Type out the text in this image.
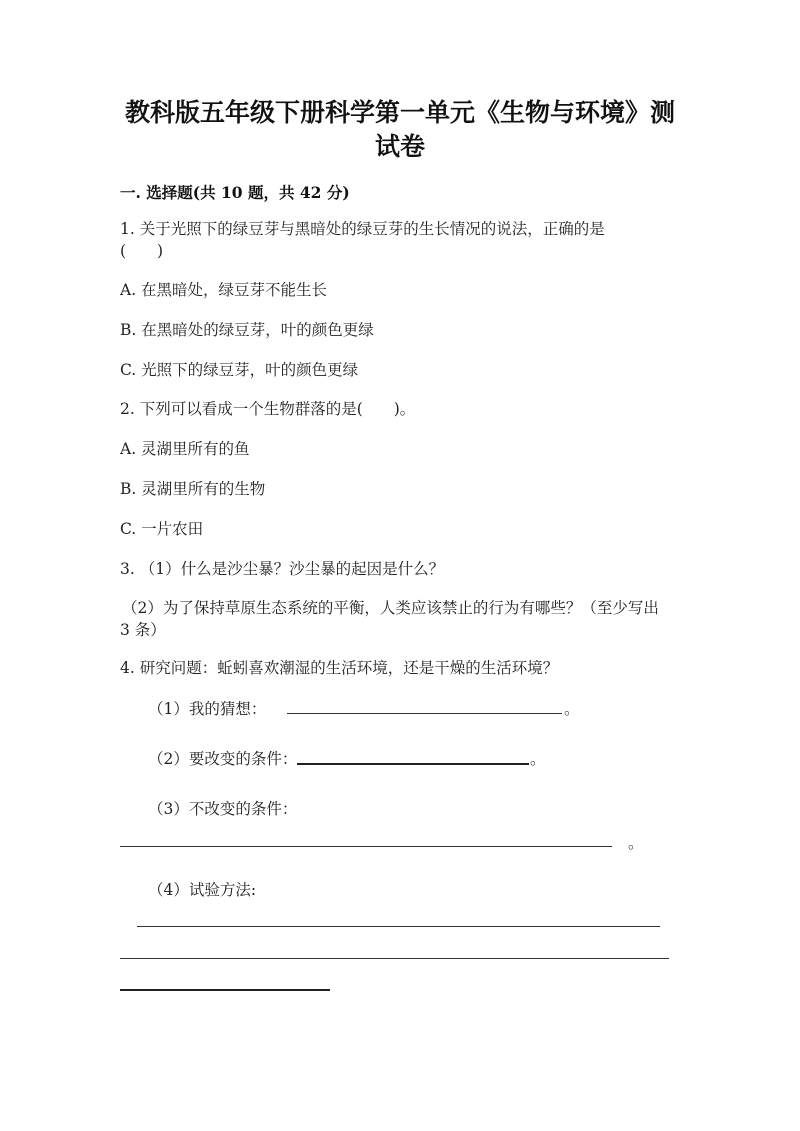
教科版五年级下册科学第一单元《生物与环境》测
试卷

一. 选择题(共 10 题，共 42 分)

1. 关于光照下的绿豆芽与黑暗处的绿豆芽的生长情况的说法，正确的是

(　　)

A. 在黑暗处，绿豆芽不能生长

B. 在黑暗处的绿豆芽，叶的颜色更绿

C. 光照下的绿豆芽，叶的颜色更绿

2. 下列可以看成一个生物群落的是(　　)。

A. 灵湖里所有的鱼

B. 灵湖里所有的生物

C. 一片农田

3. （1）什么是沙尘暴？沙尘暴的起因是什么？

（2）为了保持草原生态系统的平衡，人类应该禁止的行为有哪些？（至少写出

3 条）

4. 研究问题：蚯蚓喜欢潮湿的生活环境，还是干燥的生活环境？

（1）我的猜想：	。

（2）要改变的条件：	。

（3）不改变的条件：

。

（4）试验方法:
